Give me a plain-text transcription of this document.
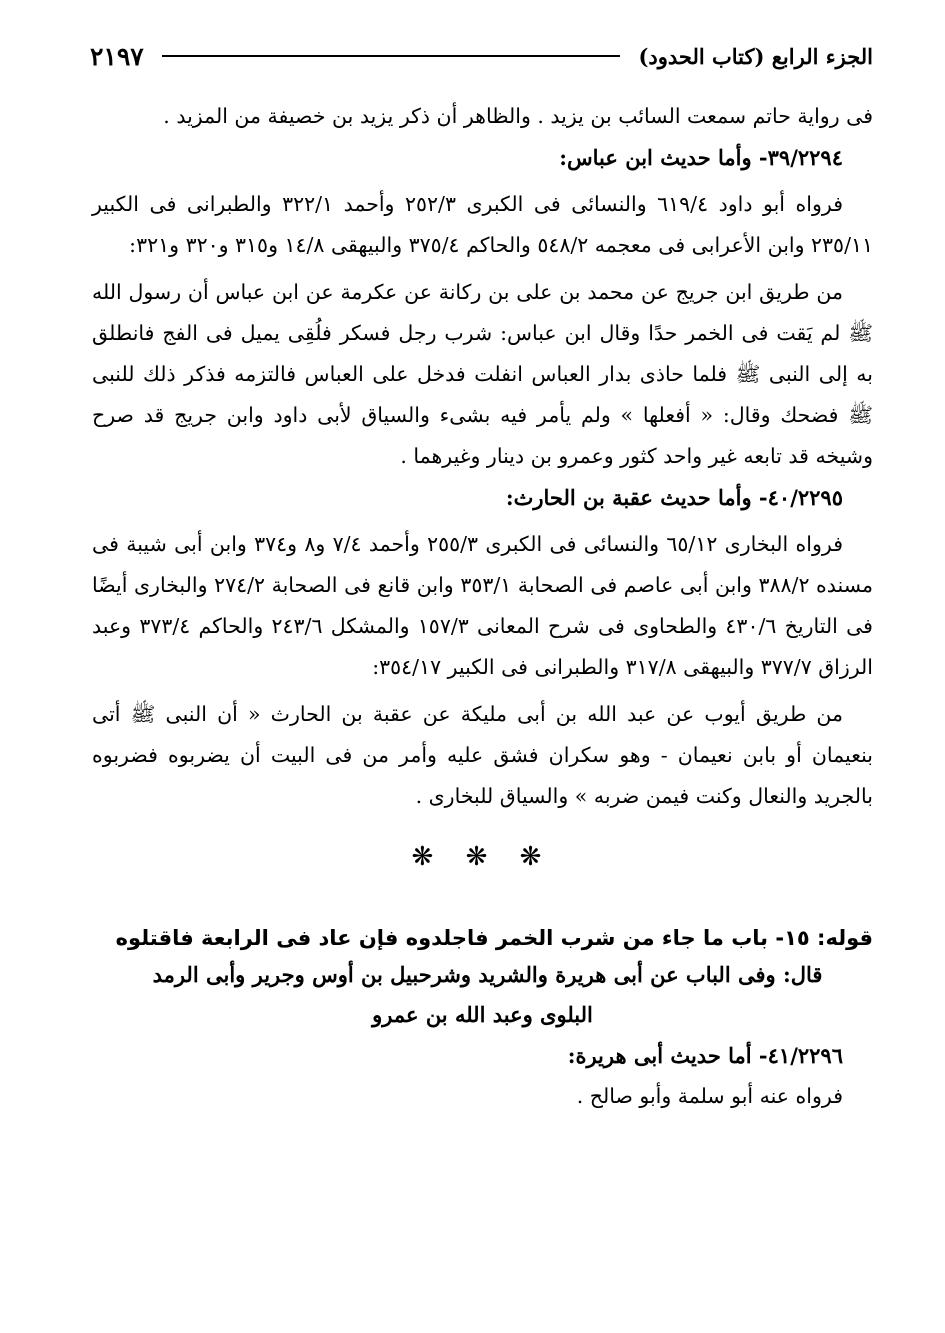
الجزء الرابع (كتاب الحدود)
٢١٩٧

فى رواية حاتم سمعت السائب بن يزيد . والظاهر أن ذكر يزيد بن خصيفة من المزيد .

٣٩/٢٢٩٤- وأما حديث ابن عباس:

فرواه أبو داود ٦١٩/٤ والنسائى فى الكبرى ٢٥٢/٣ وأحمد ٣٢٢/١ والطبرانى فى الكبير ٢٣٥/١١ وابن الأعرابى فى معجمه ٥٤٨/٢ والحاكم ٣٧٥/٤ والبيهقى ١٤/٨ و٣١٥ و٣٢٠ و٣٢١:

من طريق ابن جريج عن محمد بن على بن ركانة عن عكرمة عن ابن عباس أن رسول الله ﷺ لم يَقت فى الخمر حدًا وقال ابن عباس: شرب رجل فسكر فلُقِى يميل فى الفج فانطلق به إلى النبى ﷺ فلما حاذى بدار العباس انفلت فدخل على العباس فالتزمه فذكر ذلك للنبى ﷺ فضحك وقال: « أفعلها » ولم يأمر فيه بشىء والسياق لأبى داود وابن جريج قد صرح وشيخه قد تابعه غير واحد كثور وعمرو بن دينار وغيرهما .

٤٠/٢٢٩٥- وأما حديث عقبة بن الحارث:

فرواه البخارى ٦٥/١٢ والنسائى فى الكبرى ٢٥٥/٣ وأحمد ٧/٤ و٨ و٣٧٤ وابن أبى شيبة فى مسنده ٣٨٨/٢ وابن أبى عاصم فى الصحابة ٣٥٣/١ وابن قانع فى الصحابة ٢٧٤/٢ والبخارى أيضًا فى التاريخ ٤٣٠/٦ والطحاوى فى شرح المعانى ١٥٧/٣ والمشكل ٢٤٣/٦ والحاكم ٣٧٣/٤ وعبد الرزاق ٣٧٧/٧ والبيهقى ٣١٧/٨ والطبرانى فى الكبير ٣٥٤/١٧:

من طريق أيوب عن عبد الله بن أبى مليكة عن عقبة بن الحارث « أن النبى ﷺ أتى بنعيمان أو بابن نعيمان - وهو سكران فشق عليه وأمر من فى البيت أن يضربوه فضربوه بالجريد والنعال وكنت فيمن ضربه » والسياق للبخارى .

❋ ❋ ❋

قوله: ١٥- باب ما جاء من شرب الخمر فاجلدوه فإن عاد فى الرابعة فاقتلوه

قال: وفى الباب عن أبى هريرة والشريد وشرحبيل بن أوس وجرير وأبى الرمد

البلوى وعبد الله بن عمرو

٤١/٢٢٩٦- أما حديث أبى هريرة:

فرواه عنه أبو سلمة وأبو صالح .
